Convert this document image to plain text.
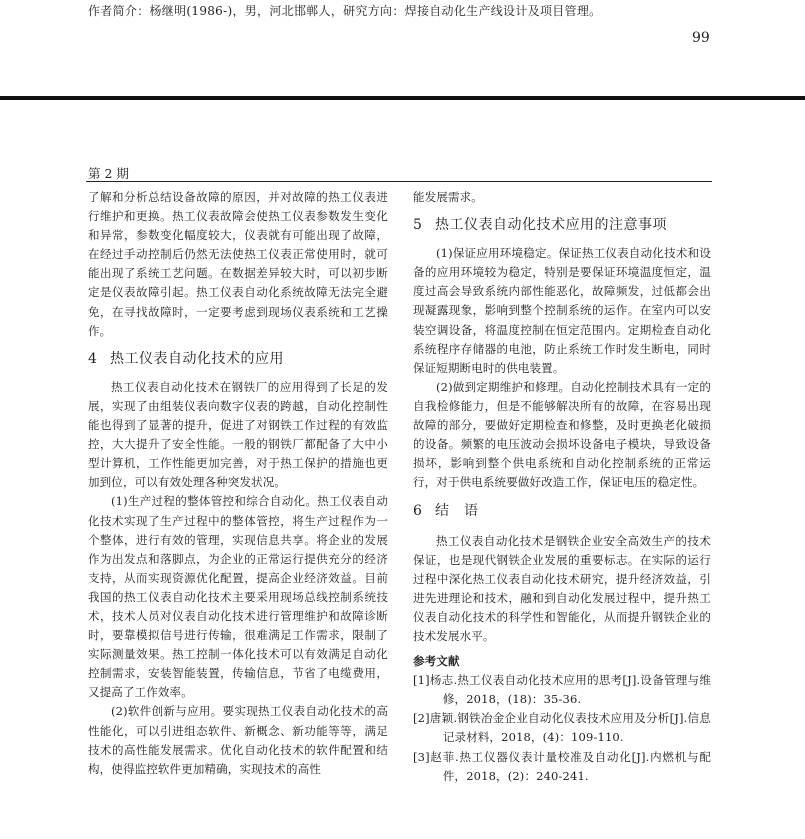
作者简介：杨继明(1986-)，男，河北邯郸人，研究方向：焊接自动化生产线设计及项目管理。
99
第 2 期

了解和分析总结设备故障的原因，并对故障的热工仪表进行维护和更换。热工仪表故障会使热工仪表参数发生变化和异常，参数变化幅度较大，仪表就有可能出现了故障，在经过手动控制后仍然无法使热工仪表正常使用时，就可能出现了系统工艺问题。在数据差异较大时，可以初步断定是仪表故障引起。热工仪表自动化系统故障无法完全避免，在寻找故障时，一定要考虑到现场仪表系统和工艺操作。

4 热工仪表自动化技术的应用

热工仪表自动化技术在钢铁厂的应用得到了长足的发展，实现了由组装仪表向数字仪表的跨越，自动化控制性能也得到了显著的提升，促进了对钢铁工作过程的有效监控，大大提升了安全性能。一般的钢铁厂都配备了大中小型计算机，工作性能更加完善，对于热工保护的措施也更加到位，可以有效处理各种突发状况。

(1)生产过程的整体管控和综合自动化。热工仪表自动化技术实现了生产过程中的整体管控，将生产过程作为一个整体，进行有效的管理，实现信息共享。将企业的发展作为出发点和落脚点，为企业的正常运行提供充分的经济支持，从而实现资源优化配置，提高企业经济效益。目前我国的热工仪表自动化技术主要采用现场总线控制系统技术，技术人员对仪表自动化技术进行管理维护和故障诊断时，要靠模拟信号进行传输，很难满足工作需求，限制了实际测量效果。热工控制一体化技术可以有效满足自动化控制需求，安装智能装置，传输信息，节省了电缆费用，又提高了工作效率。

(2)软件创新与应用。要实现热工仪表自动化技术的高性能化，可以引进组态软件、新概念、新功能等等，满足技术的高性能发展需求。优化自动化技术的软件配置和结构，使得监控软件更加精确，实现技术的高性

能发展需求。

5 热工仪表自动化技术应用的注意事项

(1)保证应用环境稳定。保证热工仪表自动化技术和设备的应用环境较为稳定，特别是要保证环境温度恒定，温度过高会导致系统内部性能恶化，故障频发，过低都会出现凝露现象，影响到整个控制系统的运作。在室内可以安装空调设备，将温度控制在恒定范围内。定期检查自动化系统程序存储器的电池，防止系统工作时发生断电，同时保证短期断电时的供电装置。

(2)做到定期维护和修理。自动化控制技术具有一定的自我检修能力，但是不能够解决所有的故障，在容易出现故障的部分，要做好定期检查和修整，及时更换老化破损的设备。频繁的电压波动会损坏设备电子模块，导致设备损坏，影响到整个供电系统和自动化控制系统的正常运行，对于供电系统要做好改造工作，保证电压的稳定性。

6 结　语

热工仪表自动化技术是钢铁企业安全高效生产的技术保证，也是现代钢铁企业发展的重要标志。在实际的运行过程中深化热工仪表自动化技术研究，提升经济效益，引进先进理论和技术，融和到自动化发展过程中，提升热工仪表自动化技术的科学性和智能化，从而提升钢铁企业的技术发展水平。

参考文献

[1]杨志.热工仪表自动化技术应用的思考[J].设备管理与维修，2018，(18)：35-36.

[2]唐颖.钢铁冶金企业自动化仪表技术应用及分析[J].信息记录材料，2018，(4)：109-110.

[3]赵菲.热工仪器仪表计量校准及自动化[J].内燃机与配件，2018，(2)：240-241.
